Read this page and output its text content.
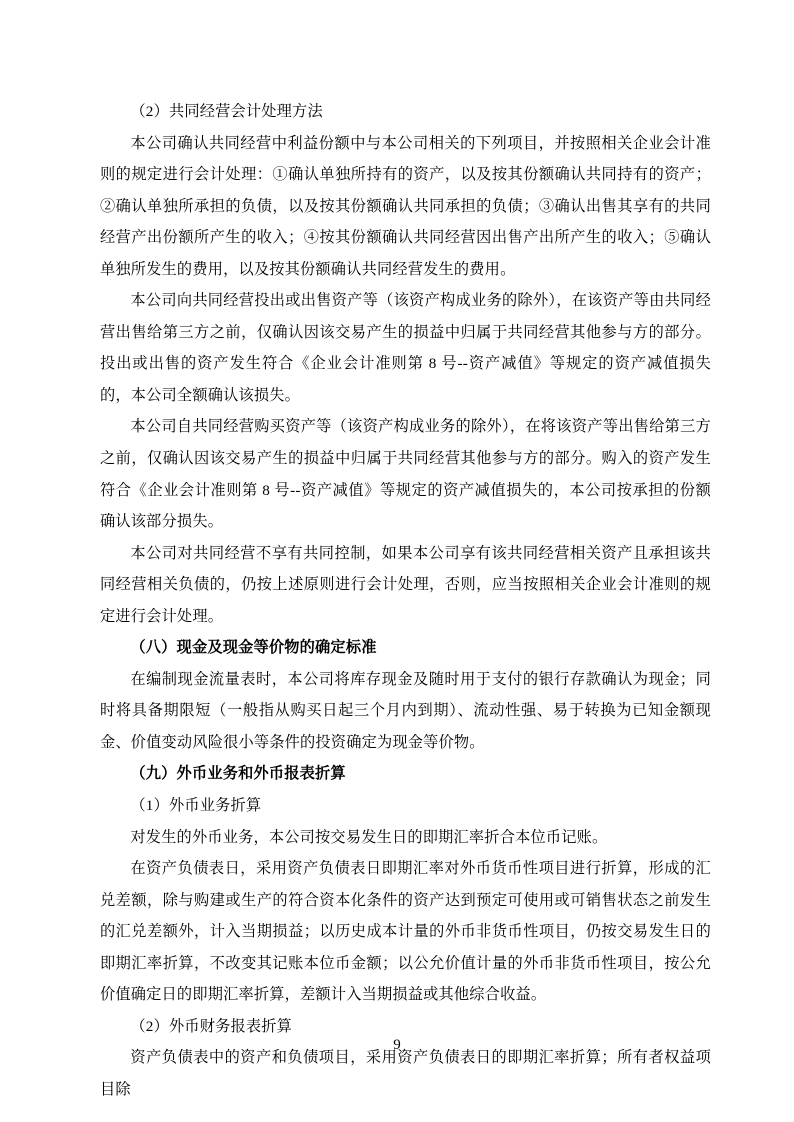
（2）共同经营会计处理方法

本公司确认共同经营中利益份额中与本公司相关的下列项目，并按照相关企业会计准则的规定进行会计处理：①确认单独所持有的资产，以及按其份额确认共同持有的资产；②确认单独所承担的负债，以及按其份额确认共同承担的负债；③确认出售其享有的共同经营产出份额所产生的收入；④按其份额确认共同经营因出售产出所产生的收入；⑤确认单独所发生的费用，以及按其份额确认共同经营发生的费用。

本公司向共同经营投出或出售资产等（该资产构成业务的除外），在该资产等由共同经营出售给第三方之前，仅确认因该交易产生的损益中归属于共同经营其他参与方的部分。投出或出售的资产发生符合《企业会计准则第 8 号--资产减值》等规定的资产减值损失的，本公司全额确认该损失。

本公司自共同经营购买资产等（该资产构成业务的除外），在将该资产等出售给第三方之前，仅确认因该交易产生的损益中归属于共同经营其他参与方的部分。购入的资产发生符合《企业会计准则第 8 号--资产减值》等规定的资产减值损失的，本公司按承担的份额确认该部分损失。

本公司对共同经营不享有共同控制，如果本公司享有该共同经营相关资产且承担该共同经营相关负债的，仍按上述原则进行会计处理，否则，应当按照相关企业会计准则的规定进行会计处理。

（八）现金及现金等价物的确定标准

在编制现金流量表时，本公司将库存现金及随时用于支付的银行存款确认为现金；同时将具备期限短（一般指从购买日起三个月内到期）、流动性强、易于转换为已知金额现金、价值变动风险很小等条件的投资确定为现金等价物。

（九）外币业务和外币报表折算

（1）外币业务折算

对发生的外币业务，本公司按交易发生日的即期汇率折合本位币记账。

在资产负债表日，采用资产负债表日即期汇率对外币货币性项目进行折算，形成的汇兑差额，除与购建或生产的符合资本化条件的资产达到预定可使用或可销售状态之前发生的汇兑差额外，计入当期损益；以历史成本计量的外币非货币性项目，仍按交易发生日的即期汇率折算，不改变其记账本位币金额；以公允价值计量的外币非货币性项目，按公允价值确定日的即期汇率折算，差额计入当期损益或其他综合收益。

（2）外币财务报表折算

资产负债表中的资产和负债项目，采用资产负债表日的即期汇率折算；所有者权益项目除

9
